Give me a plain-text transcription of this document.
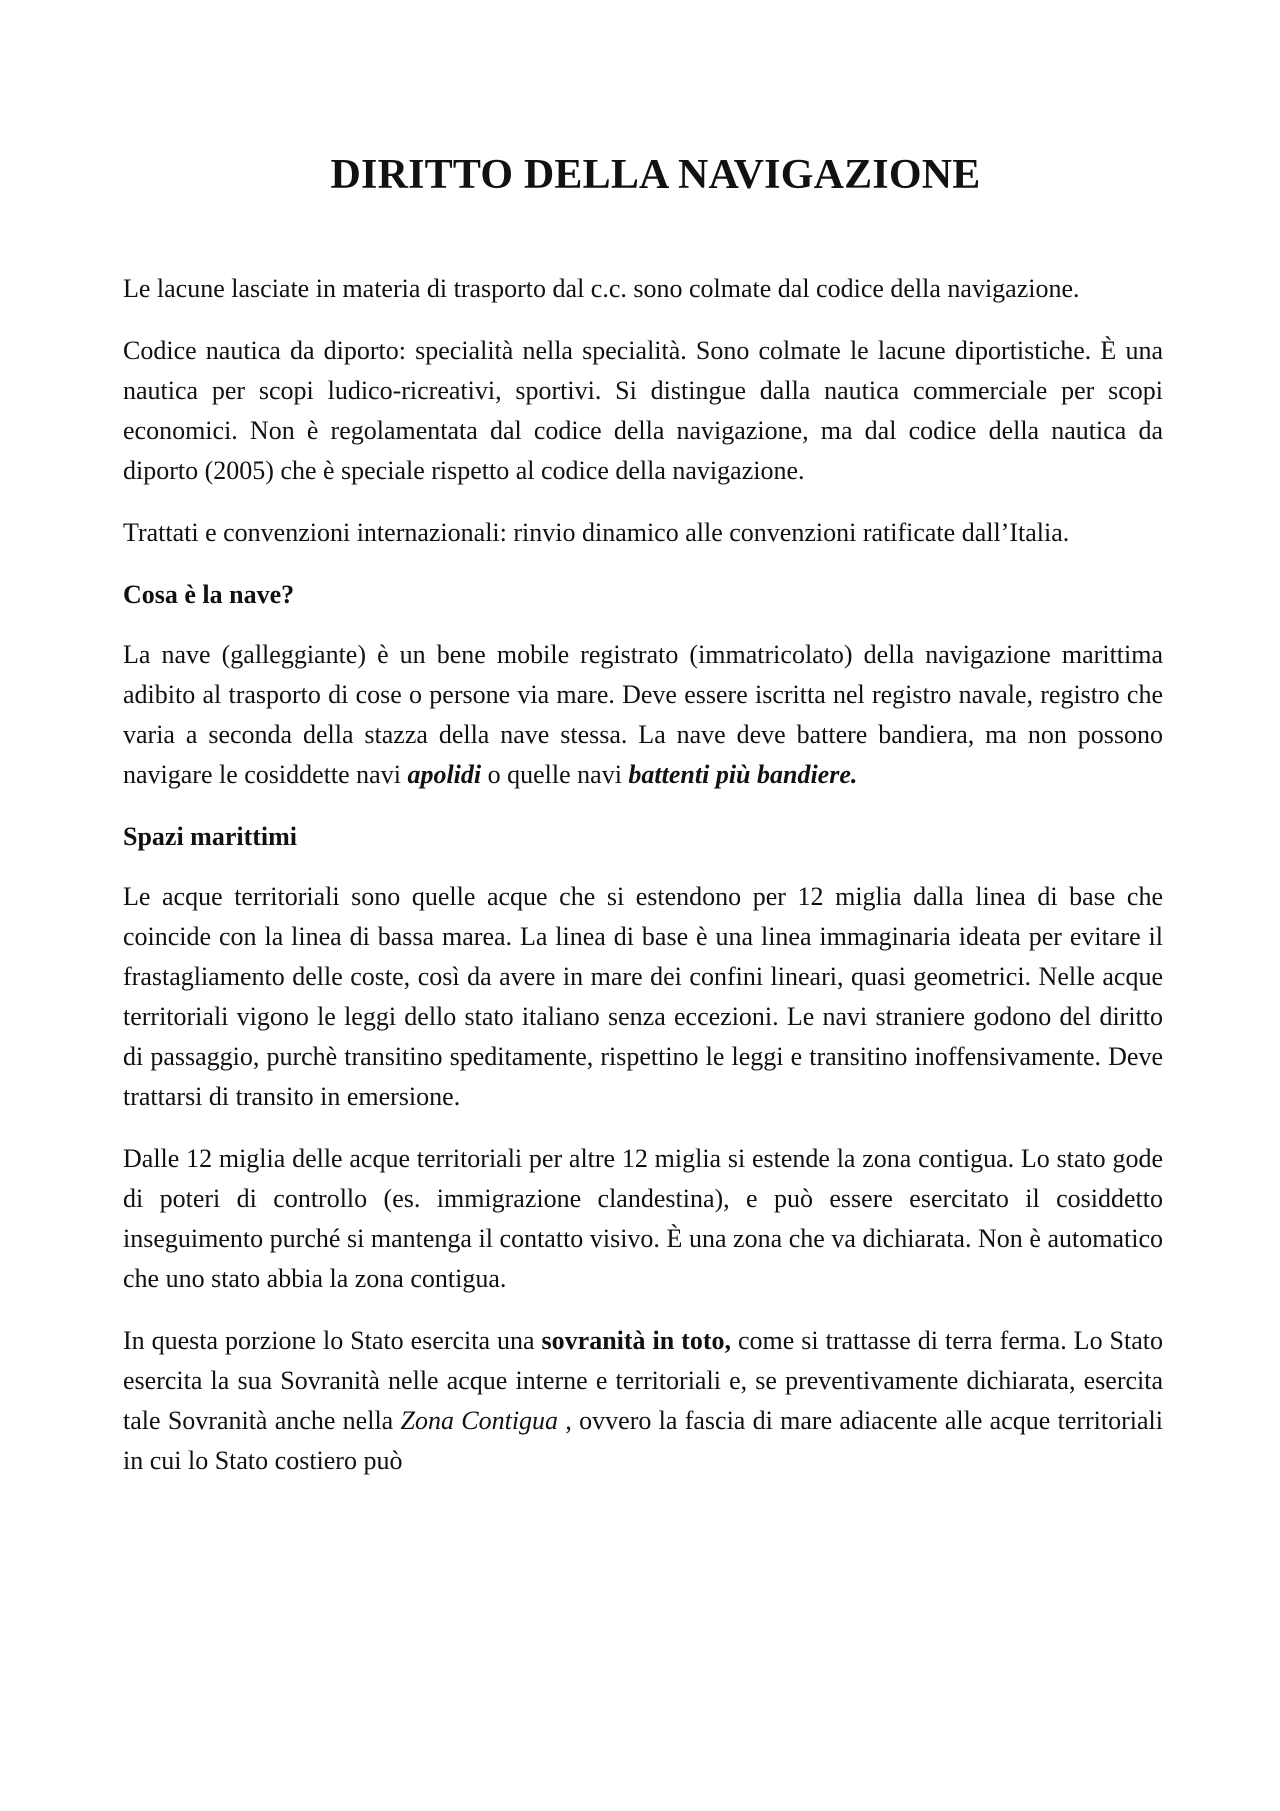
DIRITTO DELLA NAVIGAZIONE

Le lacune lasciate in materia di trasporto dal c.c. sono colmate dal codice della navigazione.

Codice nautica da diporto: specialità nella specialità. Sono colmate le lacune diportistiche. È una nautica per scopi ludico-ricreativi, sportivi. Si distingue dalla nautica commerciale per scopi economici. Non è regolamentata dal codice della navigazione, ma dal codice della nautica da diporto (2005) che è speciale rispetto al codice della navigazione.

Trattati e convenzioni internazionali: rinvio dinamico alle convenzioni ratificate dall’Italia.

Cosa è la nave?

La nave (galleggiante) è un bene mobile registrato (immatricolato) della navigazione marittima adibito al trasporto di cose o persone via mare. Deve essere iscritta nel registro navale, registro che varia a seconda della stazza della nave stessa. La nave deve battere bandiera, ma non possono navigare le cosiddette navi apolidi o quelle navi battenti più bandiere.

Spazi marittimi

Le acque territoriali sono quelle acque che si estendono per 12 miglia dalla linea di base che coincide con la linea di bassa marea. La linea di base è una linea immaginaria ideata per evitare il frastagliamento delle coste, così da avere in mare dei confini lineari, quasi geometrici. Nelle acque territoriali vigono le leggi dello stato italiano senza eccezioni. Le navi straniere godono del diritto di passaggio, purchè transitino speditamente, rispettino le leggi e transitino inoffensivamente. Deve trattarsi di transito in emersione.

Dalle 12 miglia delle acque territoriali per altre 12 miglia si estende la zona contigua. Lo stato gode di poteri di controllo (es. immigrazione clandestina), e può essere esercitato il cosiddetto inseguimento purché si mantenga il contatto visivo. È una zona che va dichiarata. Non è automatico che uno stato abbia la zona contigua.

In questa porzione lo Stato esercita una sovranità in toto, come si trattasse di terra ferma. Lo Stato esercita la sua Sovranità nelle acque interne e territoriali e, se preventivamente dichiarata, esercita tale Sovranità anche nella Zona Contigua , ovvero la fascia di mare adiacente alle acque territoriali in cui lo Stato costiero può
